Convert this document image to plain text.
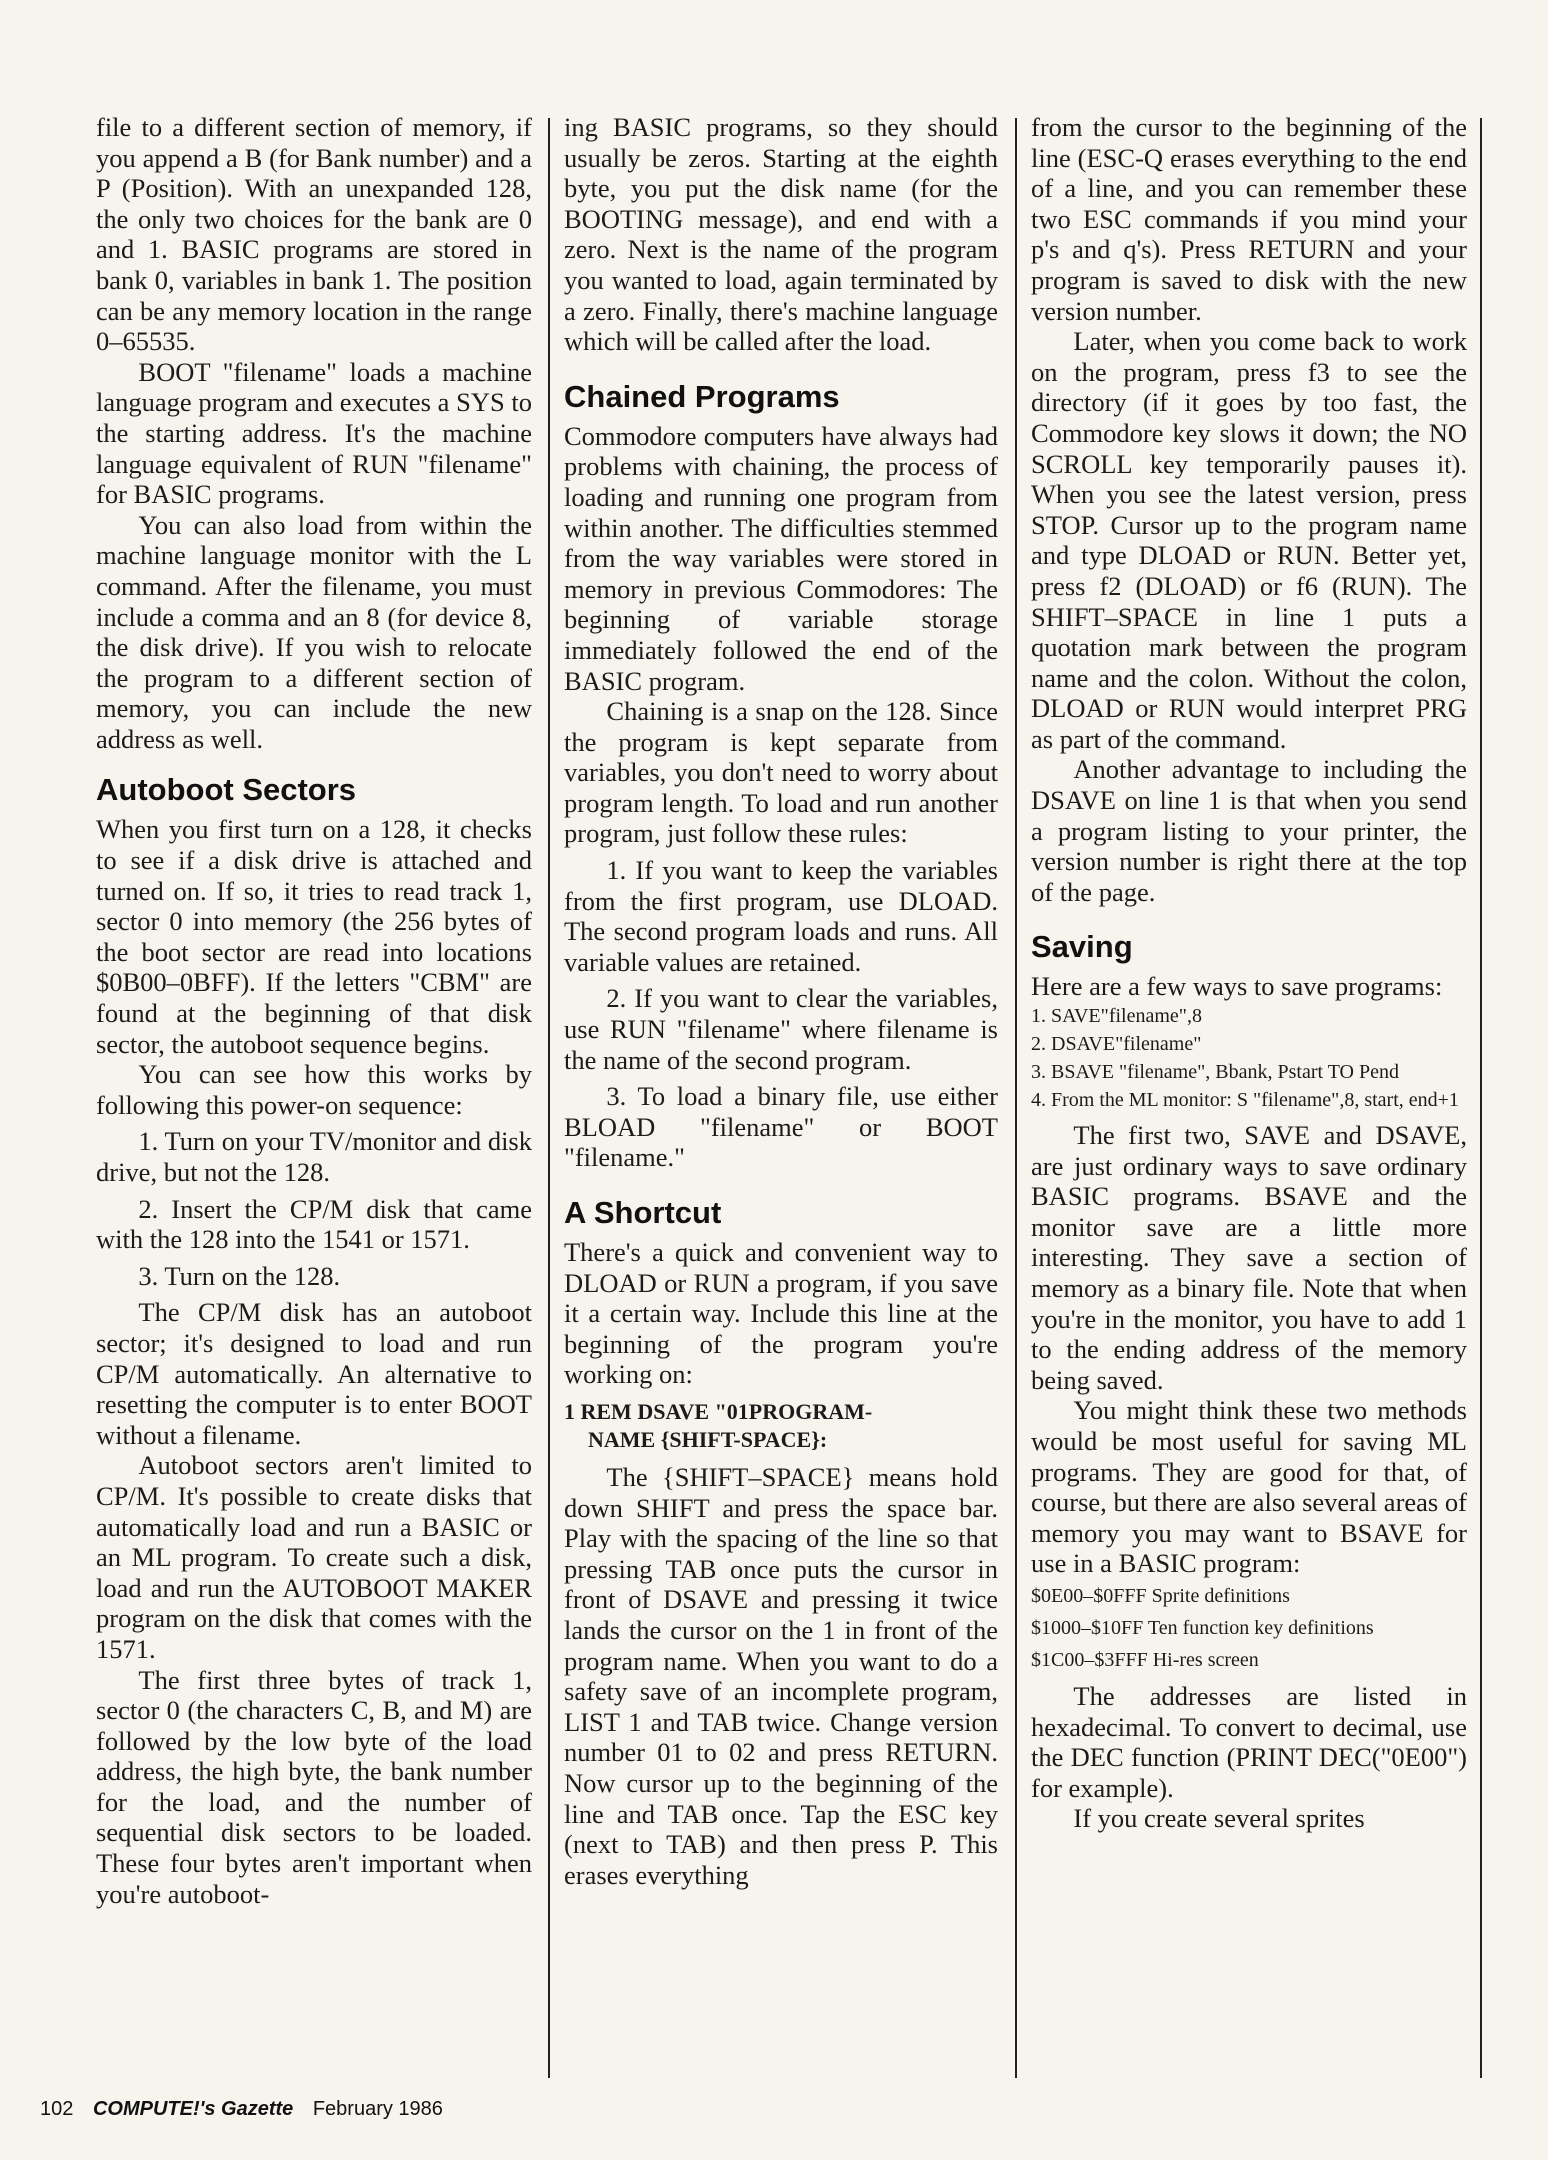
file to a different section of memory, if you append a B (for Bank number) and a P (Position). With an unexpanded 128, the only two choices for the bank are 0 and 1. BASIC programs are stored in bank 0, variables in bank 1. The position can be any memory location in the range 0–65535.

BOOT "filename" loads a machine language program and executes a SYS to the starting address. It's the machine language equivalent of RUN "filename" for BASIC programs.

You can also load from within the machine language monitor with the L command. After the filename, you must include a comma and an 8 (for device 8, the disk drive). If you wish to relocate the program to a different section of memory, you can include the new address as well.

Autoboot Sectors

When you first turn on a 128, it checks to see if a disk drive is attached and turned on. If so, it tries to read track 1, sector 0 into memory (the 256 bytes of the boot sector are read into locations $0B00–0BFF). If the letters "CBM" are found at the beginning of that disk sector, the autoboot sequence begins.

You can see how this works by following this power-on sequence:

1. Turn on your TV/monitor and disk drive, but not the 128.

2. Insert the CP/M disk that came with the 128 into the 1541 or 1571.

3. Turn on the 128.

The CP/M disk has an autoboot sector; it's designed to load and run CP/M automatically. An alternative to resetting the computer is to enter BOOT without a filename.

Autoboot sectors aren't limited to CP/M. It's possible to create disks that automatically load and run a BASIC or an ML program. To create such a disk, load and run the AUTOBOOT MAKER program on the disk that comes with the 1571.

The first three bytes of track 1, sector 0 (the characters C, B, and M) are followed by the low byte of the load address, the high byte, the bank number for the load, and the number of sequential disk sectors to be loaded. These four bytes aren't important when you're autoboot-

ing BASIC programs, so they should usually be zeros. Starting at the eighth byte, you put the disk name (for the BOOTING message), and end with a zero. Next is the name of the program you wanted to load, again terminated by a zero. Finally, there's machine language which will be called after the load.

Chained Programs

Commodore computers have always had problems with chaining, the process of loading and running one program from within another. The difficulties stemmed from the way variables were stored in memory in previous Commodores: The beginning of variable storage immediately followed the end of the BASIC program.

Chaining is a snap on the 128. Since the program is kept separate from variables, you don't need to worry about program length. To load and run another program, just follow these rules:

1. If you want to keep the variables from the first program, use DLOAD. The second program loads and runs. All variable values are retained.

2. If you want to clear the variables, use RUN "filename" where filename is the name of the second program.

3. To load a binary file, use either BLOAD "filename" or BOOT "filename."

A Shortcut

There's a quick and convenient way to DLOAD or RUN a program, if you save it a certain way. Include this line at the beginning of the program you're working on:

1 REM DSAVE "01PROGRAM-
NAME {SHIFT-SPACE}:

The {SHIFT–SPACE} means hold down SHIFT and press the space bar. Play with the spacing of the line so that pressing TAB once puts the cursor in front of DSAVE and pressing it twice lands the cursor on the 1 in front of the program name. When you want to do a safety save of an incomplete program, LIST 1 and TAB twice. Change version number 01 to 02 and press RETURN. Now cursor up to the beginning of the line and TAB once. Tap the ESC key (next to TAB) and then press P. This erases everything

from the cursor to the beginning of the line (ESC-Q erases everything to the end of a line, and you can remember these two ESC commands if you mind your p's and q's). Press RETURN and your program is saved to disk with the new version number.

Later, when you come back to work on the program, press f3 to see the directory (if it goes by too fast, the Commodore key slows it down; the NO SCROLL key temporarily pauses it). When you see the latest version, press STOP. Cursor up to the program name and type DLOAD or RUN. Better yet, press f2 (DLOAD) or f6 (RUN). The SHIFT–SPACE in line 1 puts a quotation mark between the program name and the colon. Without the colon, DLOAD or RUN would interpret PRG as part of the command.

Another advantage to including the DSAVE on line 1 is that when you send a program listing to your printer, the version number is right there at the top of the page.

Saving

Here are a few ways to save programs:

1. SAVE"filename",8

2. DSAVE"filename"

3. BSAVE "filename", Bbank, Pstart TO Pend

4. From the ML monitor: S "filename",8, start, end+1

The first two, SAVE and DSAVE, are just ordinary ways to save ordinary BASIC programs. BSAVE and the monitor save are a little more interesting. They save a section of memory as a binary file. Note that when you're in the monitor, you have to add 1 to the ending address of the memory being saved.

You might think these two methods would be most useful for saving ML programs. They are good for that, of course, but there are also several areas of memory you may want to BSAVE for use in a BASIC program:

$0E00–$0FFF Sprite definitions
$1000–$10FF Ten function key definitions
$1C00–$3FFF Hi-res screen

The addresses are listed in hexadecimal. To convert to decimal, use the DEC function (PRINT DEC("0E00") for example).

If you create several sprites

102 COMPUTE!'s Gazette February 1986
